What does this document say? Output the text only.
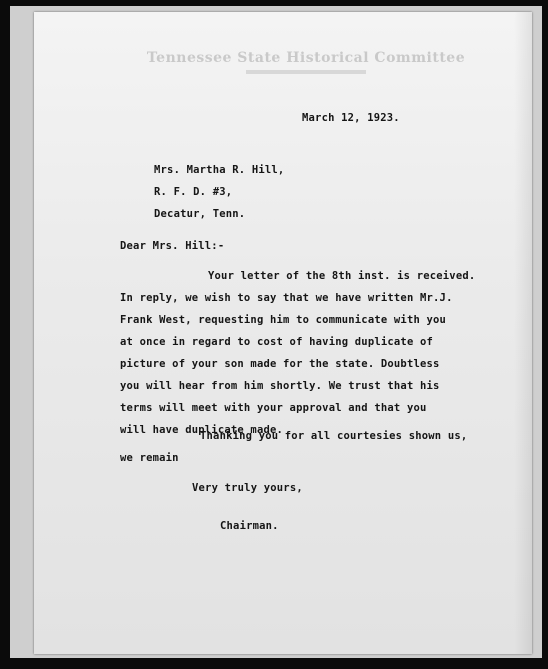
Tennessee State Historical Committee
March 12, 1923.
Mrs. Martha R. Hill,
R. F. D. #3,
Decatur, Tenn.
Dear Mrs. Hill:-
Your letter of the 8th inst. is received.
In reply, we wish to say that we have written Mr.J.
Frank West, requesting him to communicate with you
at once in regard to cost of having duplicate of
picture of your son made for the state. Doubtless
you will hear from him shortly. We trust that his
terms will meet with your approval and that you
will have duplicate made.
Thanking you for all courtesies shown us,
we remain
Very truly yours,
Chairman.
